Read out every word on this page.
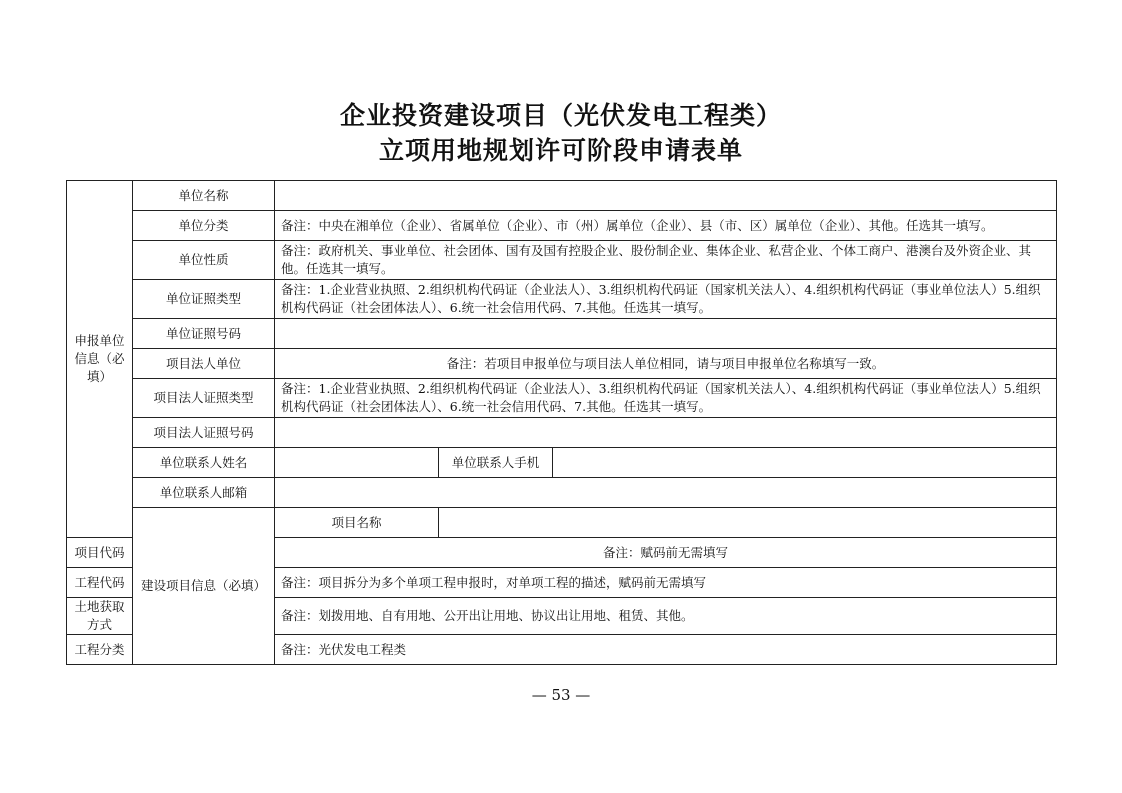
企业投资建设项目（光伏发电工程类）
立项用地规划许可阶段申请表单
申报单位信息（必填）	单位名称			
	单位分类	备注：中央在湘单位（企业）、省属单位（企业）、市（州）属单位（企业）、县（市、区）属单位（企业）、其他。任选其一填写。		
	单位性质	备注：政府机关、事业单位、社会团体、国有及国有控股企业、股份制企业、集体企业、私营企业、个体工商户、港澳台及外资企业、其他。任选其一填写。		
	单位证照类型	备注：1.企业营业执照、2.组织机构代码证（企业法人）、3.组织机构代码证（国家机关法人）、4.组织机构代码证（事业单位法人）5.组织机构代码证（社会团体法人）、6.统一社会信用代码、7.其他。任选其一填写。		
	单位证照号码			
	项目法人单位	备注：若项目申报单位与项目法人单位相同，请与项目申报单位名称填写一致。		
	项目法人证照类型	备注：1.企业营业执照、2.组织机构代码证（企业法人）、3.组织机构代码证（国家机关法人）、4.组织机构代码证（事业单位法人）5.组织机构代码证（社会团体法人）、6.统一社会信用代码、7.其他。任选其一填写。		
	项目法人证照号码			
	单位联系人姓名		单位联系人手机	
	单位联系人邮箱			
	建设项目信息（必填）	项目名称		
项目代码		备注：赋码前无需填写		
工程代码		备注：项目拆分为多个单项工程申报时，对单项工程的描述，赋码前无需填写		
土地获取方式		备注：划拨用地、自有用地、公开出让用地、协议出让用地、租赁、其他。		
工程分类		备注：光伏发电工程类		
— 53 —
